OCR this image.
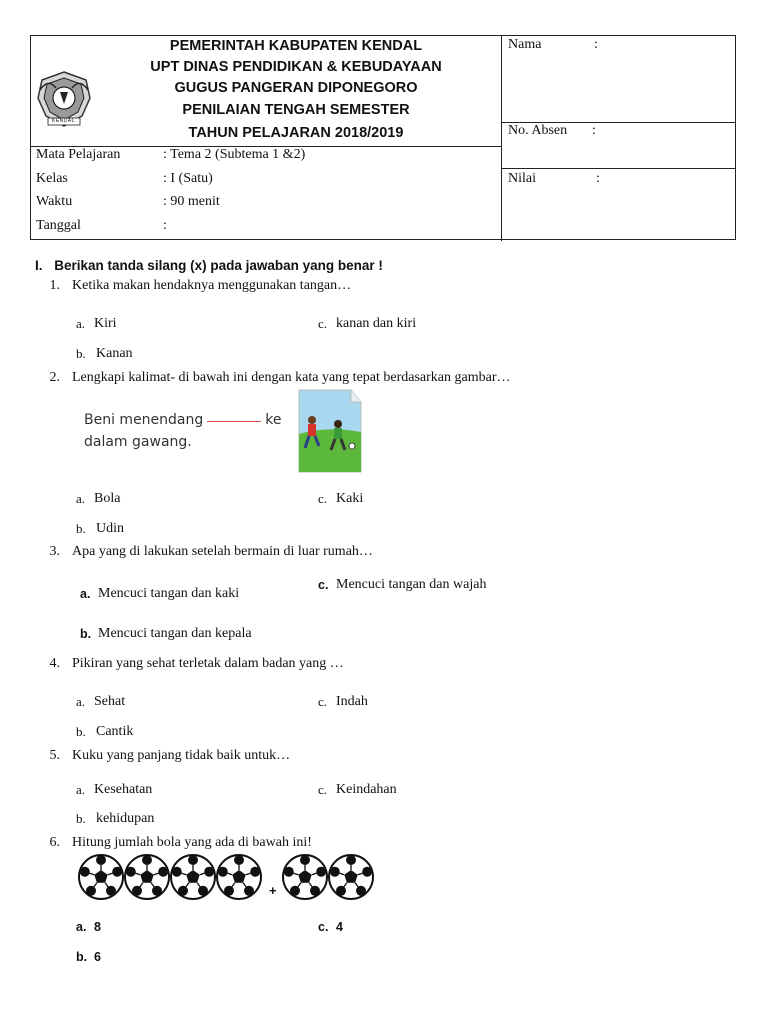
KENDAL
PEMERINTAH KABUPATEN KENDAL
UPT DINAS PENDIDIKAN & KEBUDAYAAN
GUGUS PANGERAN DIPONEGORO
PENILAIAN TENGAH SEMESTER
TAHUN PELAJARAN 2018/2019
Mata Pelajaran	: Tema 2 (Subtema 1 &2)
Kelas	: I (Satu)
Waktu	: 90 menit
Tanggal	:
Nama	:
No. Absen :
Nilai	:
I. Berikan tanda silang (x) pada jawaban yang benar !
1. Ketika makan hendaknya menggunakan tangan…
a. Kiri	c. kanan dan kiri
b. Kanan
2. Lengkapi kalimat- di bawah ini dengan kata yang tepat berdasarkan gambar…
Beni menendang	ke
dalam gawang.
a. Bola	c. Kaki
b. Udin
3. Apa yang di lakukan setelah bermain di luar rumah…
a. Mencuci tangan dan kaki
c. Mencuci tangan dan wajah
b. Mencuci tangan dan kepala
4. Pikiran yang sehat terletak dalam badan yang …
a. Sehat	c. Indah
b. Cantik
5. Kuku yang panjang tidak baik untuk…
a. Kesehatan	c. Keindahan
b. kehidupan
6. Hitung jumlah bola yang ada di bawah ini!
+
a. 8	c. 4
b. 6
